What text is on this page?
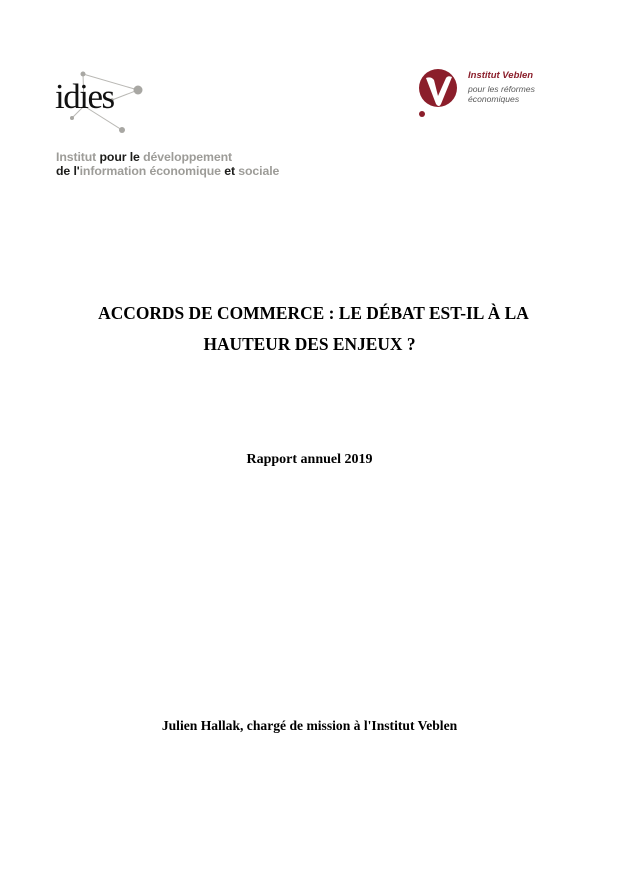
idies
Institut pour le développement
de l'information économique et sociale
Institut Veblen
pour les réformes
économiques
ACCORDS DE COMMERCE : LE DÉBAT EST-IL À LA
HAUTEUR DES ENJEUX ?
Rapport annuel 2019
Julien Hallak, chargé de mission à l'Institut Veblen
